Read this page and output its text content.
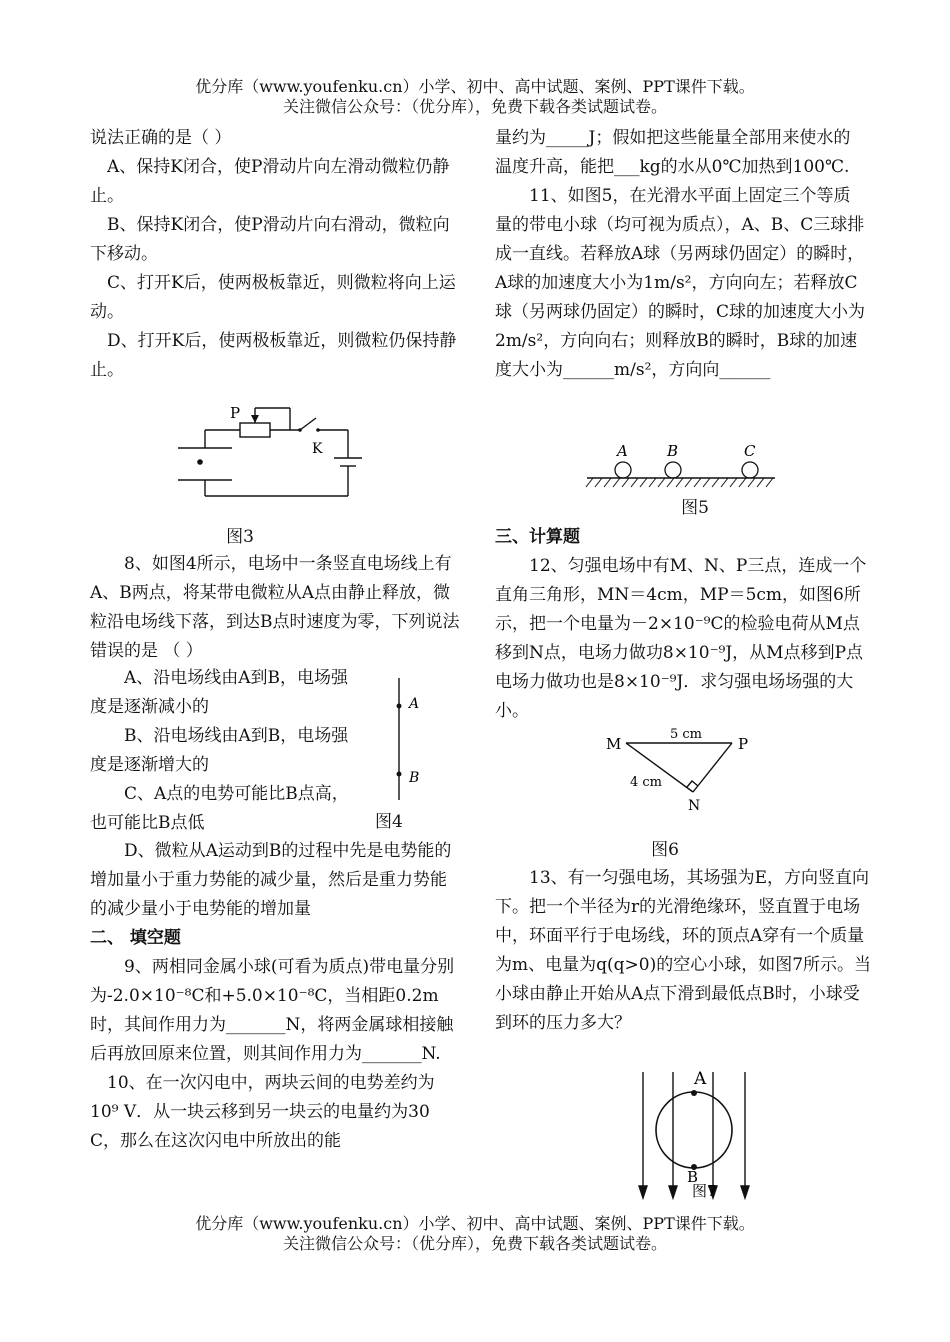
优分库（www.youfenku.cn）小学、初中、高中试题、案例、PPT课件下载。
关注微信公众号：（优分库），免费下载各类试题试卷。

说法正确的是（ ）

A、保持K闭合，使P滑动片向左滑动微粒仍静止。

B、保持K闭合，使P滑动片向右滑动，微粒向下移动。

C、打开K后，使两极板靠近，则微粒将向上运动。

D、打开K后，使两极板靠近，则微粒仍保持静止。

P
K
图3

8、如图4所示，电场中一条竖直电场线上有A、B两点，将某带电微粒从A点由静止释放，微粒沿电场线下落，到达B点时速度为零，下列说法错误的是 （ ）

A、沿电场线由A到B，电场强度是逐渐减小的

B、沿电场线由A到B，电场强度是逐渐增大的

C、A点的电势可能比B点高，也可能比B点低

A
B
图4

D、微粒从A运动到B的过程中先是电势能的增加量小于重力势能的减少量，然后是重力势能的减少量小于电势能的增加量

二、 填空题

9、两相同金属小球(可看为质点)带电量分别为-2.0×10⁻⁸C和+5.0×10⁻⁸C，当相距0.2m时，其间作用力为_______N，将两金属球相接触后再放回原来位置，则其间作用力为_______N.

10、在一次闪电中，两块云间的电势差约为10⁹ V．从一块云移到另一块云的电量约为30 C，那么在这次闪电中所放出的能

量约为_____J；假如把这些能量全部用来使水的温度升高，能把___kg的水从0℃加热到100℃.

11、如图5，在光滑水平面上固定三个等质量的带电小球（均可视为质点），A、B、C三球排成一直线。若释放A球（另两球仍固定）的瞬时，A球的加速度大小为1m/s²，方向向左；若释放C球（另两球仍固定）的瞬时，C球的加速度大小为2m/s²，方向向右；则释放B的瞬时，B球的加速度大小为______m/s²，方向向______

A	B	C
图5

三、计算题

12、匀强电场中有M、N、P三点，连成一个直角三角形，MN＝4cm，MP＝5cm，如图6所示，把一个电量为－2×10⁻⁹C的检验电荷从M点移到N点，电场力做功8×10⁻⁹J，从M点移到P点电场力做功也是8×10⁻⁹J．求匀强电场场强的大小。

M	P
N
5 cm
4 cm
图6

13、有一匀强电场，其场强为E，方向竖直向下。把一个半径为r的光滑绝缘环，竖直置于电场中，环面平行于电场线，环的顶点A穿有一个质量为m、电量为q(q>0)的空心小球，如图7所示。当小球由静止开始从A点下滑到最低点B时，小球受到环的压力多大？

A
B
图7
优分库（www.youfenku.cn）小学、初中、高中试题、案例、PPT课件下载。
关注微信公众号：（优分库），免费下载各类试题试卷。
